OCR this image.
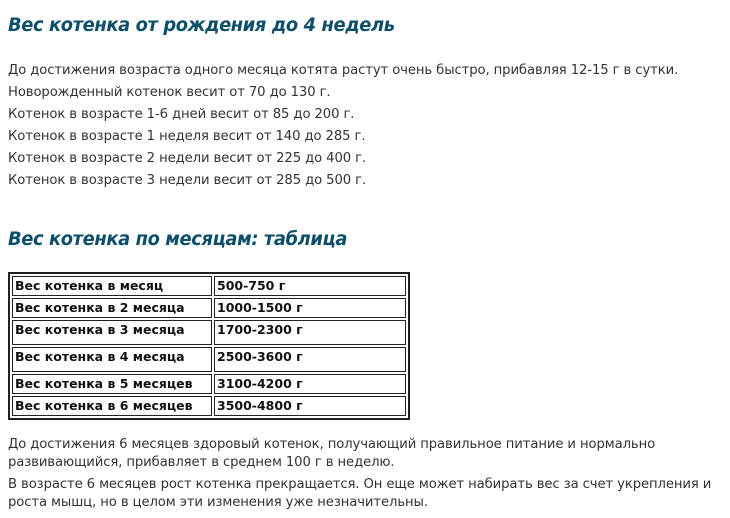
Вес котенка от рождения до 4 недель

До достижения возраста одного месяца котята растут очень быстро, прибавляя 12-15 г в сутки.

Новорожденный котенок весит от 70 до 130 г.

Котенок в возрасте 1-6 дней весит от 85 до 200 г.

Котенок в возрасте 1 неделя весит от 140 до 285 г.

Котенок в возрасте 2 недели весит от 225 до 400 г.

Котенок в возрасте 3 недели весит от 285 до 500 г.

Вес котенка по месяцам: таблица
Вес котенка в месяц	500-750 г
Вес котенка в 2 месяца	1000-1500 г
Вес котенка в 3 месяца	1700-2300 г
Вес котенка в 4 месяца	2500-3600 г
Вес котенка в 5 месяцев	3100-4200 г
Вес котенка в 6 месяцев	3500-4800 г

До достижения 6 месяцев здоровый котенок, получающий правильное питание и нормально развивающийся, прибавляет в среднем 100 г в неделю.

В возрасте 6 месяцев рост котенка прекращается. Он еще может набирать вес за счет укрепления и роста мышц, но в целом эти изменения уже незначительны.
